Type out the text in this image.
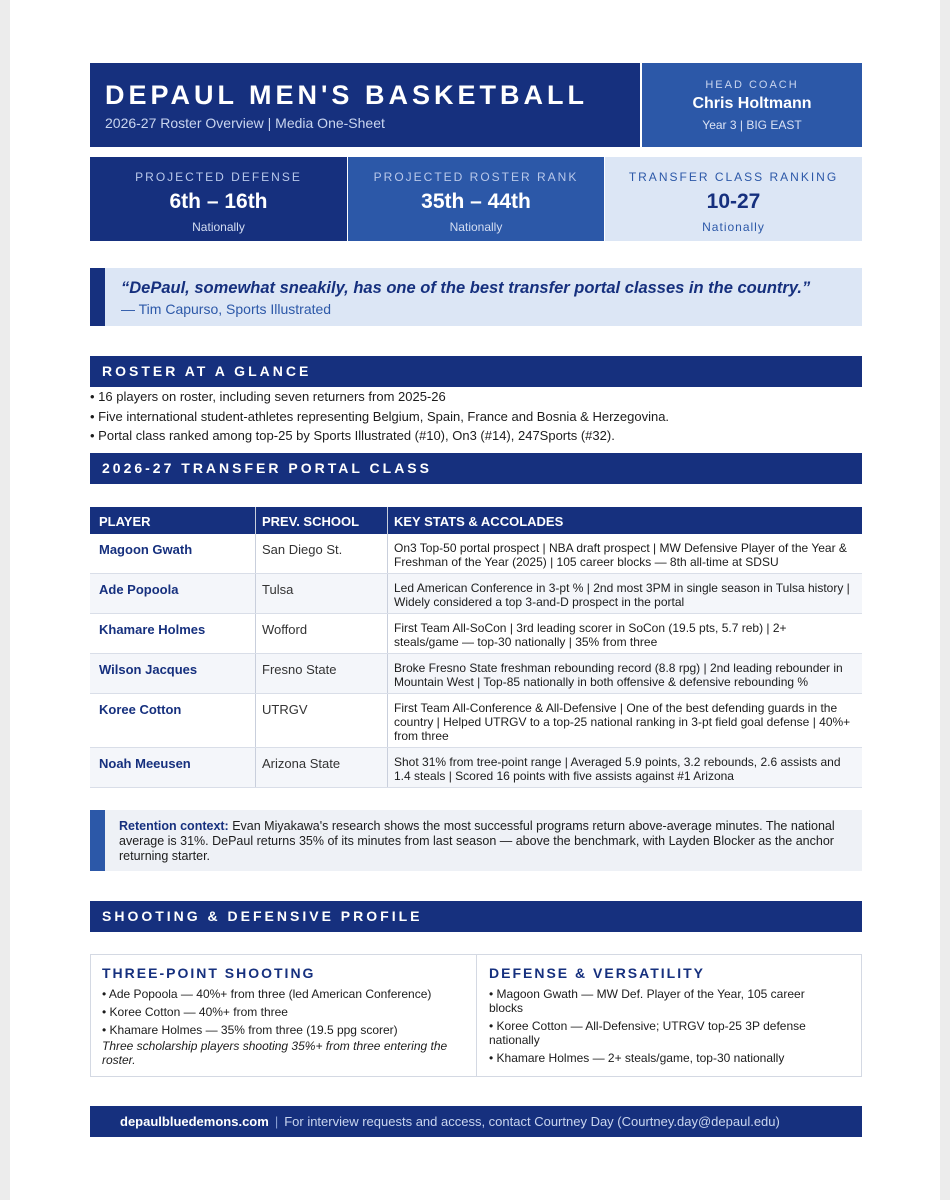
DEPAUL MEN'S BASKETBALL
2026-27 Roster Overview | Media One-Sheet
HEAD COACH
Chris Holtmann
Year 3 | BIG EAST
PROJECTED DEFENSE
6th – 16th
Nationally
PROJECTED ROSTER RANK
35th – 44th
Nationally
TRANSFER CLASS RANKING
10-27
Nationally
“DePaul, somewhat sneakily, has one of the best transfer portal classes in the country.”
— Tim Capurso, Sports Illustrated
ROSTER AT A GLANCE
• 16 players on roster, including seven returners from 2025-26
• Five international student-athletes representing Belgium, Spain, France and Bosnia & Herzegovina.
• Portal class ranked among top-25 by Sports Illustrated (#10), On3 (#14), 247Sports (#32).
2026-27 TRANSFER PORTAL CLASS
PLAYER	PREV. SCHOOL	KEY STATS & ACCOLADES
Magoon Gwath	San Diego St.	On3 Top-50 portal prospect | NBA draft prospect | MW Defensive Player of the Year & Freshman of the Year (2025) | 105 career blocks — 8th all-time at SDSU
Ade Popoola	Tulsa	Led American Conference in 3-pt % | 2nd most 3PM in single season in Tulsa history | Widely considered a top 3-and-D prospect in the portal
Khamare Holmes	Wofford	First Team All-SoCon | 3rd leading scorer in SoCon (19.5 pts, 5.7 reb) | 2+ steals/game — top-30 nationally | 35% from three
Wilson Jacques	Fresno State	Broke Fresno State freshman rebounding record (8.8 rpg) | 2nd leading rebounder in Mountain West | Top-85 nationally in both offensive & defensive rebounding %
Koree Cotton	UTRGV	First Team All-Conference & All-Defensive | One of the best defending guards in the country | Helped UTRGV to a top-25 national ranking in 3-pt field goal defense | 40%+ from three
Noah Meeusen	Arizona State	Shot 31% from tree-point range | Averaged 5.9 points, 3.2 rebounds, 2.6 assists and 1.4 steals | Scored 16 points with five assists against #1 Arizona
Retention context: Evan Miyakawa's research shows the most successful programs return above-average minutes. The national average is 31%. DePaul returns 35% of its minutes from last season — above the benchmark, with Layden Blocker as the anchor returning starter.
SHOOTING & DEFENSIVE PROFILE
THREE-POINT SHOOTING
• Ade Popoola — 40%+ from three (led American Conference)
• Koree Cotton — 40%+ from three
• Khamare Holmes — 35% from three (19.5 ppg scorer)
Three scholarship players shooting 35%+ from three entering the roster.
DEFENSE & VERSATILITY
• Magoon Gwath — MW Def. Player of the Year, 105 career blocks
• Koree Cotton — All-Defensive; UTRGV top-25 3P defense nationally
• Khamare Holmes — 2+ steals/game, top-30 nationally
depaulbluedemons.com | For interview requests and access, contact Courtney Day (Courtney.day@depaul.edu)
